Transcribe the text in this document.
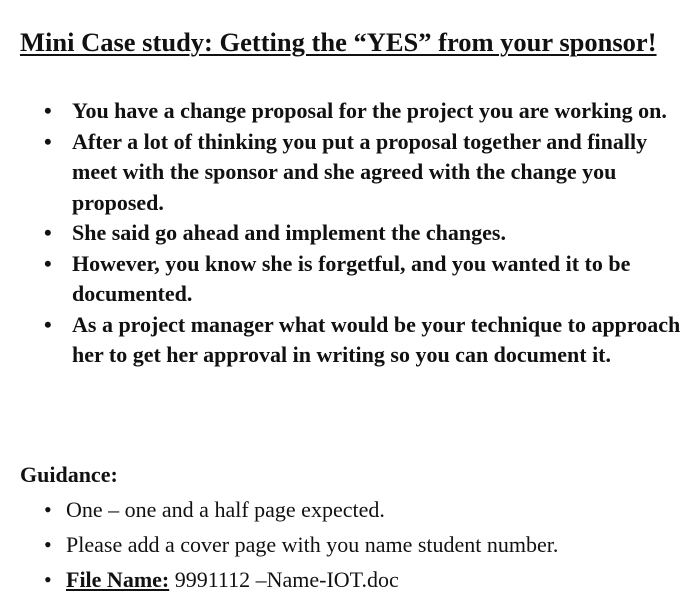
Mini Case study: Getting the “YES” from your sponsor!
• You have a change proposal for the project you are working on.
• After a lot of thinking you put a proposal together and finally meet with the sponsor and she agreed with the change you proposed.
• She said go ahead and implement the changes.
• However, you know she is forgetful, and you wanted it to be documented.
• As a project manager what would be your technique to approach her to get her approval in writing so you can document it.
Guidance:
• One – one and a half page expected.
• Please add a cover page with you name student number.
• File Name: 9991112 –Name-IOT.doc
